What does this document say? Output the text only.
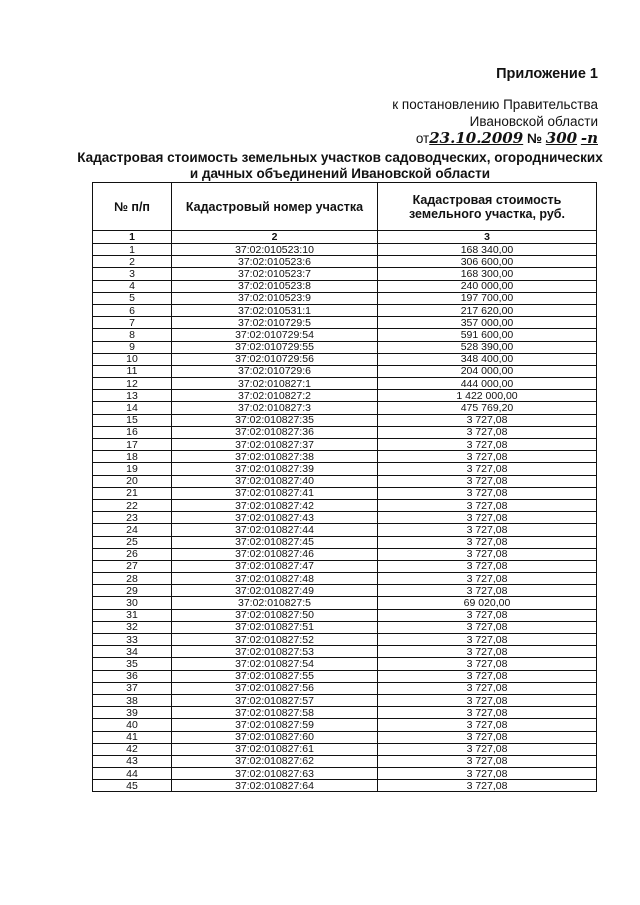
Приложение 1
к постановлению Правительства
Ивановской области
от23.10.2009 № 300 -п
Кадастровая стоимость земельных участков садоводческих, огороднических
и дачных объединений Ивановской области
№ п/п	Кадастровый номер участка	Кадастровая стоимость земельного участка, руб.
1	2	3
1	37:02:010523:10	168 340,00
2	37:02:010523:6	306 600,00
3	37:02:010523:7	168 300,00
4	37:02:010523:8	240 000,00
5	37:02:010523:9	197 700,00
6	37:02:010531:1	217 620,00
7	37:02:010729:5	357 000,00
8	37:02:010729:54	591 600,00
9	37:02:010729:55	528 390,00
10	37:02:010729:56	348 400,00
11	37:02:010729:6	204 000,00
12	37:02:010827:1	444 000,00
13	37:02:010827:2	1 422 000,00
14	37:02:010827:3	475 769,20
15	37:02:010827:35	3 727,08
16	37:02:010827:36	3 727,08
17	37:02:010827:37	3 727,08
18	37:02:010827:38	3 727,08
19	37:02:010827:39	3 727,08
20	37:02:010827:40	3 727,08
21	37:02:010827:41	3 727,08
22	37:02:010827:42	3 727,08
23	37:02:010827:43	3 727,08
24	37:02:010827:44	3 727,08
25	37:02:010827:45	3 727,08
26	37:02:010827:46	3 727,08
27	37:02:010827:47	3 727,08
28	37:02:010827:48	3 727,08
29	37:02:010827:49	3 727,08
30	37:02:010827:5	69 020,00
31	37:02:010827:50	3 727,08
32	37:02:010827:51	3 727,08
33	37:02:010827:52	3 727,08
34	37:02:010827:53	3 727,08
35	37:02:010827:54	3 727,08
36	37:02:010827:55	3 727,08
37	37:02:010827:56	3 727,08
38	37:02:010827:57	3 727,08
39	37:02:010827:58	3 727,08
40	37:02:010827:59	3 727,08
41	37:02:010827:60	3 727,08
42	37:02:010827:61	3 727,08
43	37:02:010827:62	3 727,08
44	37:02:010827:63	3 727,08
45	37:02:010827:64	3 727,08
